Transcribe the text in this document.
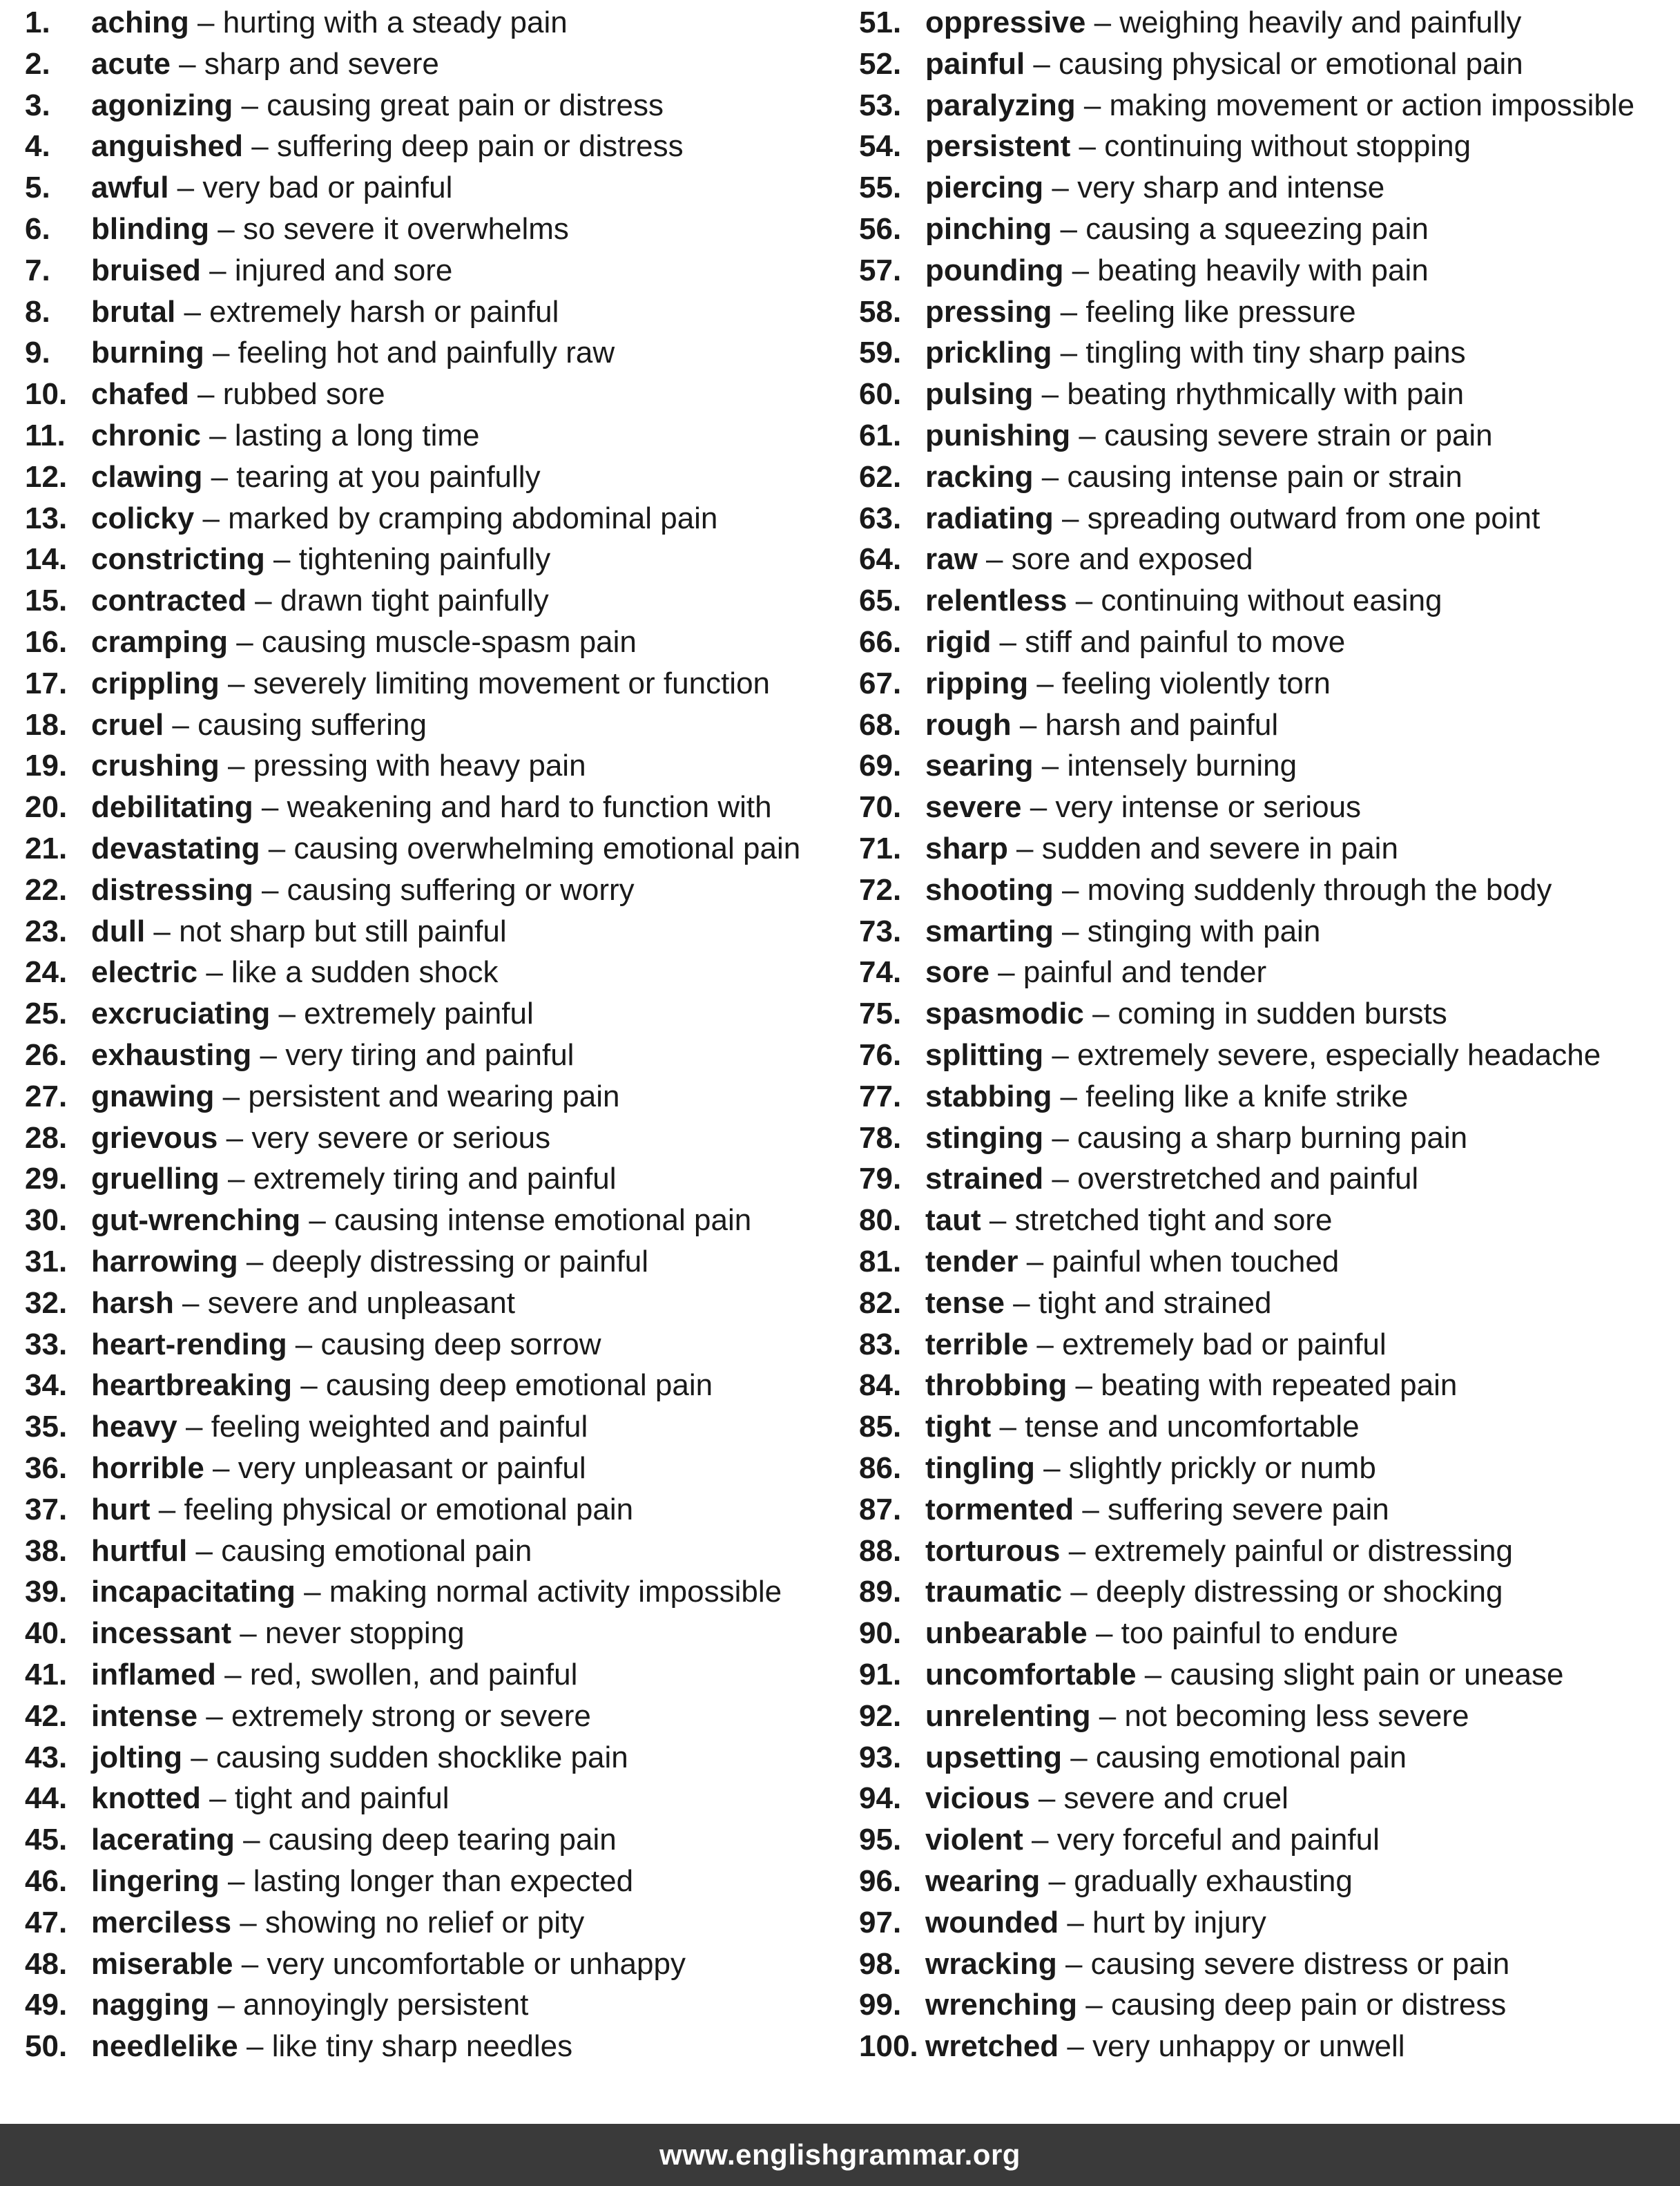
1. aching – hurting with a steady pain
2. acute – sharp and severe
3. agonizing – causing great pain or distress
4. anguished – suffering deep pain or distress
5. awful – very bad or painful
6. blinding – so severe it overwhelms
7. bruised – injured and sore
8. brutal – extremely harsh or painful
9. burning – feeling hot and painfully raw
10. chafed – rubbed sore
11. chronic – lasting a long time
12. clawing – tearing at you painfully
13. colicky – marked by cramping abdominal pain
14. constricting – tightening painfully
15. contracted – drawn tight painfully
16. cramping – causing muscle-spasm pain
17. crippling – severely limiting movement or function
18. cruel – causing suffering
19. crushing – pressing with heavy pain
20. debilitating – weakening and hard to function with
21. devastating – causing overwhelming emotional pain
22. distressing – causing suffering or worry
23. dull – not sharp but still painful
24. electric – like a sudden shock
25. excruciating – extremely painful
26. exhausting – very tiring and painful
27. gnawing – persistent and wearing pain
28. grievous – very severe or serious
29. gruelling – extremely tiring and painful
30. gut-wrenching – causing intense emotional pain
31. harrowing – deeply distressing or painful
32. harsh – severe and unpleasant
33. heart-rending – causing deep sorrow
34. heartbreaking – causing deep emotional pain
35. heavy – feeling weighted and painful
36. horrible – very unpleasant or painful
37. hurt – feeling physical or emotional pain
38. hurtful – causing emotional pain
39. incapacitating – making normal activity impossible
40. incessant – never stopping
41. inflamed – red, swollen, and painful
42. intense – extremely strong or severe
43. jolting – causing sudden shocklike pain
44. knotted – tight and painful
45. lacerating – causing deep tearing pain
46. lingering – lasting longer than expected
47. merciless – showing no relief or pity
48. miserable – very uncomfortable or unhappy
49. nagging – annoyingly persistent
50. needlelike – like tiny sharp needles
51. oppressive – weighing heavily and painfully
52. painful – causing physical or emotional pain
53. paralyzing – making movement or action impossible
54. persistent – continuing without stopping
55. piercing – very sharp and intense
56. pinching – causing a squeezing pain
57. pounding – beating heavily with pain
58. pressing – feeling like pressure
59. prickling – tingling with tiny sharp pains
60. pulsing – beating rhythmically with pain
61. punishing – causing severe strain or pain
62. racking – causing intense pain or strain
63. radiating – spreading outward from one point
64. raw – sore and exposed
65. relentless – continuing without easing
66. rigid – stiff and painful to move
67. ripping – feeling violently torn
68. rough – harsh and painful
69. searing – intensely burning
70. severe – very intense or serious
71. sharp – sudden and severe in pain
72. shooting – moving suddenly through the body
73. smarting – stinging with pain
74. sore – painful and tender
75. spasmodic – coming in sudden bursts
76. splitting – extremely severe, especially headache
77. stabbing – feeling like a knife strike
78. stinging – causing a sharp burning pain
79. strained – overstretched and painful
80. taut – stretched tight and sore
81. tender – painful when touched
82. tense – tight and strained
83. terrible – extremely bad or painful
84. throbbing – beating with repeated pain
85. tight – tense and uncomfortable
86. tingling – slightly prickly or numb
87. tormented – suffering severe pain
88. torturous – extremely painful or distressing
89. traumatic – deeply distressing or shocking
90. unbearable – too painful to endure
91. uncomfortable – causing slight pain or unease
92. unrelenting – not becoming less severe
93. upsetting – causing emotional pain
94. vicious – severe and cruel
95. violent – very forceful and painful
96. wearing – gradually exhausting
97. wounded – hurt by injury
98. wracking – causing severe distress or pain
99. wrenching – causing deep pain or distress
100. wretched – very unhappy or unwell
www.englishgrammar.org
